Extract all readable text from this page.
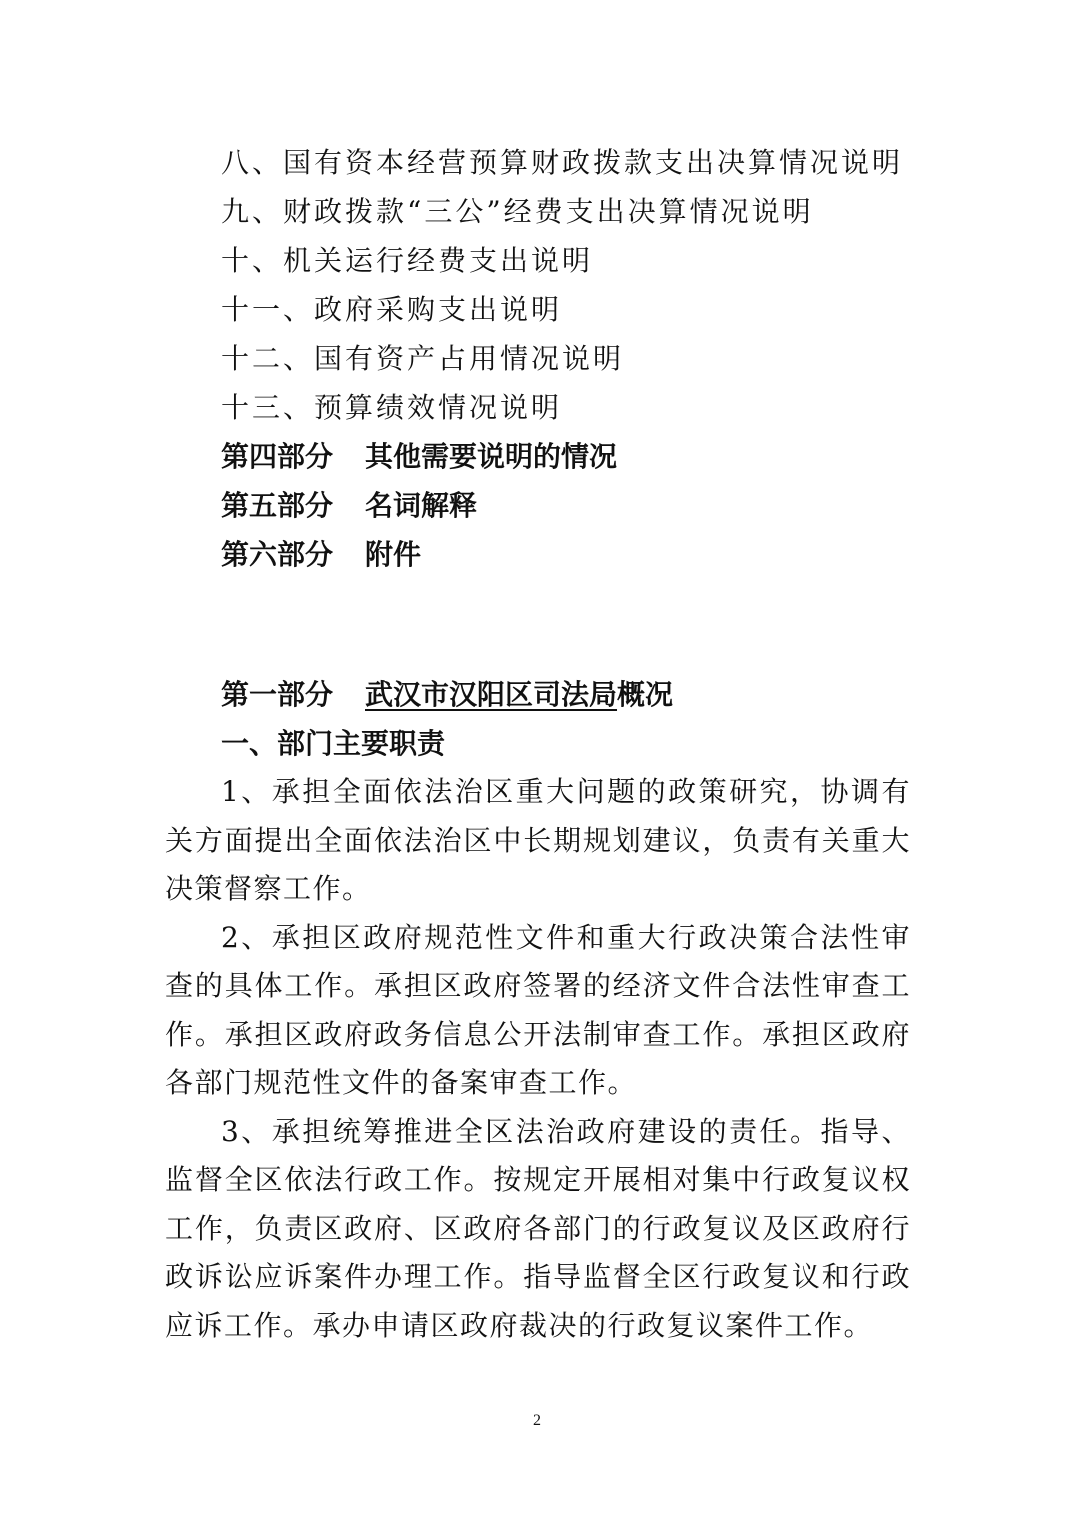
八、国有资本经营预算财政拨款支出决算情况说明
九、财政拨款“三公”经费支出决算情况说明
十、机关运行经费支出说明
十一、政府采购支出说明
十二、国有资产占用情况说明
十三、预算绩效情况说明
第四部分 其他需要说明的情况
第五部分 名词解释
第六部分 附件
第一部分 武汉市汉阳区司法局概况
一、部门主要职责

1、承担全面依法治区重大问题的政策研究，协调有关方面提出全面依法治区中长期规划建议，负责有关重大决策督察工作。

2、承担区政府规范性文件和重大行政决策合法性审查的具体工作。承担区政府签署的经济文件合法性审查工作。承担区政府政务信息公开法制审查工作。承担区政府各部门规范性文件的备案审查工作。

3、承担统筹推进全区法治政府建设的责任。指导、监督全区依法行政工作。按规定开展相对集中行政复议权工作，负责区政府、区政府各部门的行政复议及区政府行政诉讼应诉案件办理工作。指导监督全区行政复议和行政应诉工作。承办申请区政府裁决的行政复议案件工作。

2
